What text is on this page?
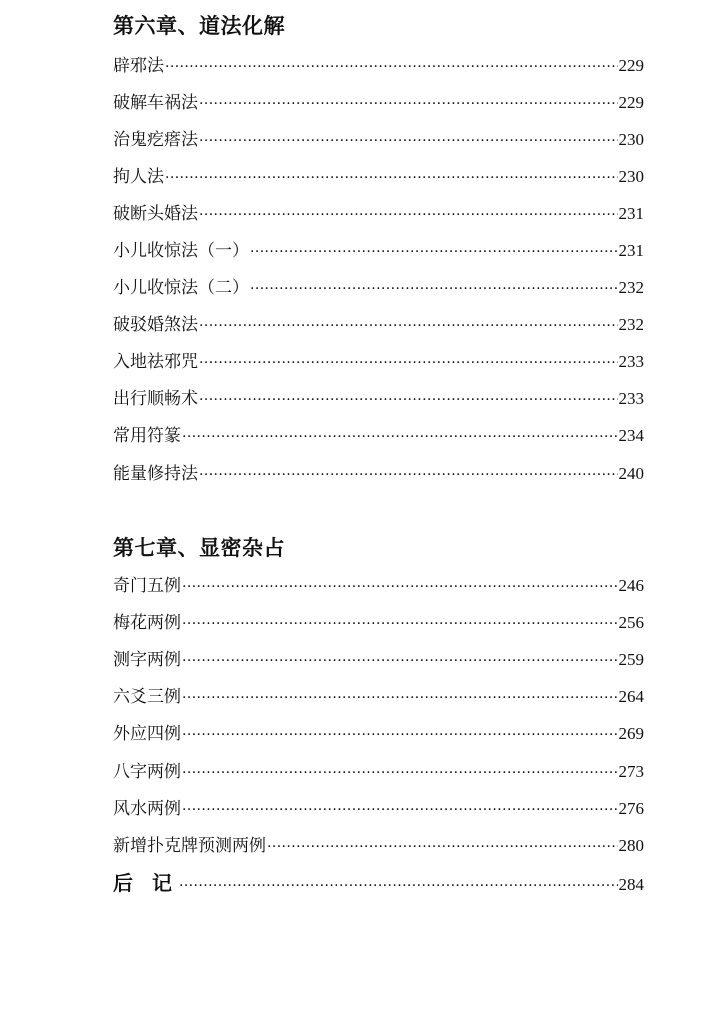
第六章、道法化解
辟邪法 ·····	229
破解车祸法 ·····	229
治鬼疙瘩法 ·····	230
拘人法 ·····	230
破断头婚法 ·····	231
小儿收惊法（一） ·····	231
小儿收惊法（二） ·····	232
破驳婚煞法 ·····	232
入地祛邪咒 ·····	233
出行顺畅术 ·····	233
常用符篆 ·····	234
能量修持法 ·····	240
第七章、显密杂占
奇门五例 ·····	246
梅花两例 ·····	256
测字两例 ·····	259
六爻三例 ·····	264
外应四例 ·····	269
八字两例 ·····	273
风水两例 ·····	276
新增扑克牌预测两例 ·····	280
后 记 ·····	284
